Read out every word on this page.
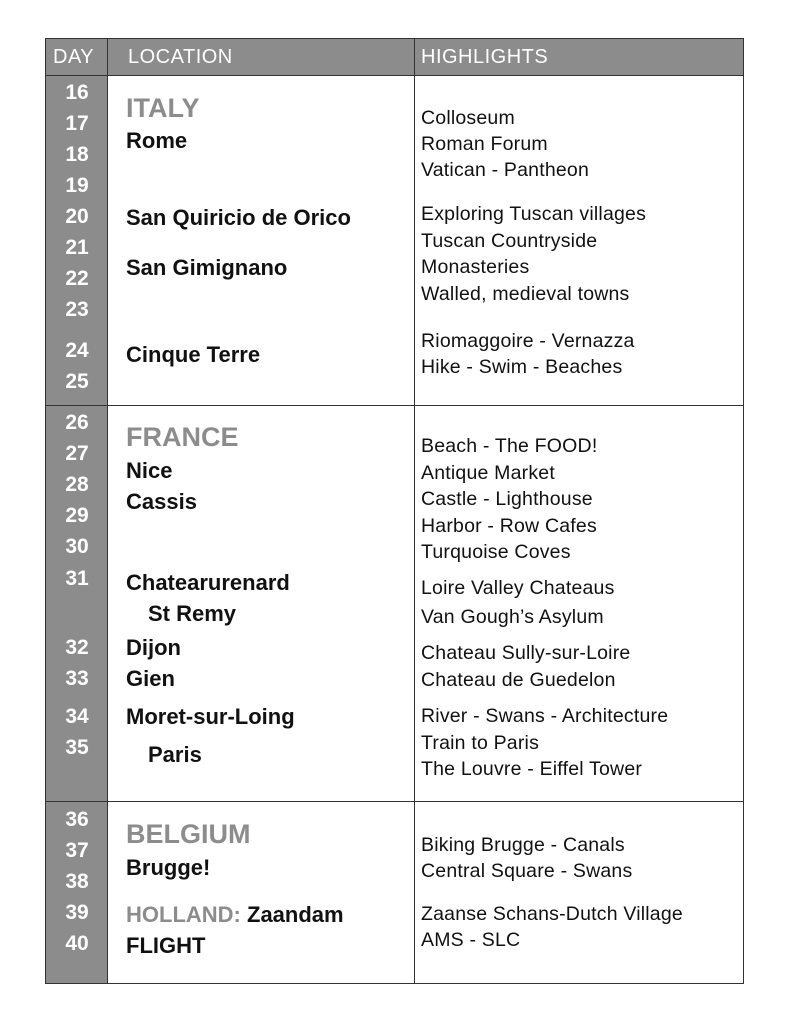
DAY LOCATION	HIGHLIGHTS
16
17
18
19
20
21
22
23
24
25
ITALY
Rome
San Quiricio de Orico
San Gimignano
Cinque Terre
Colloseum
Roman Forum
Vatican - Pantheon
Exploring Tuscan villages
Tuscan Countryside
Monasteries
Walled, medieval towns
Riomaggoire - Vernazza
Hike - Swim - Beaches
26
27
28
29
30
31
32
33
34
35
FRANCE
Nice
Cassis
Chatearurenard
St Remy
Dijon
Gien
Moret-sur-Loing
Paris
Beach - The FOOD!
Antique Market
Castle - Lighthouse
Harbor - Row Cafes
Turquoise Coves
Loire Valley Chateaus
Van Gough’s Asylum
Chateau Sully-sur-Loire
Chateau de Guedelon
River - Swans - Architecture
Train to Paris
The Louvre - Eiffel Tower
36
37
38
39
40
BELGIUM
Brugge!
HOLLAND: Zaandam
FLIGHT
Biking Brugge - Canals
Central Square - Swans
Zaanse Schans-Dutch Village
AMS - SLC
